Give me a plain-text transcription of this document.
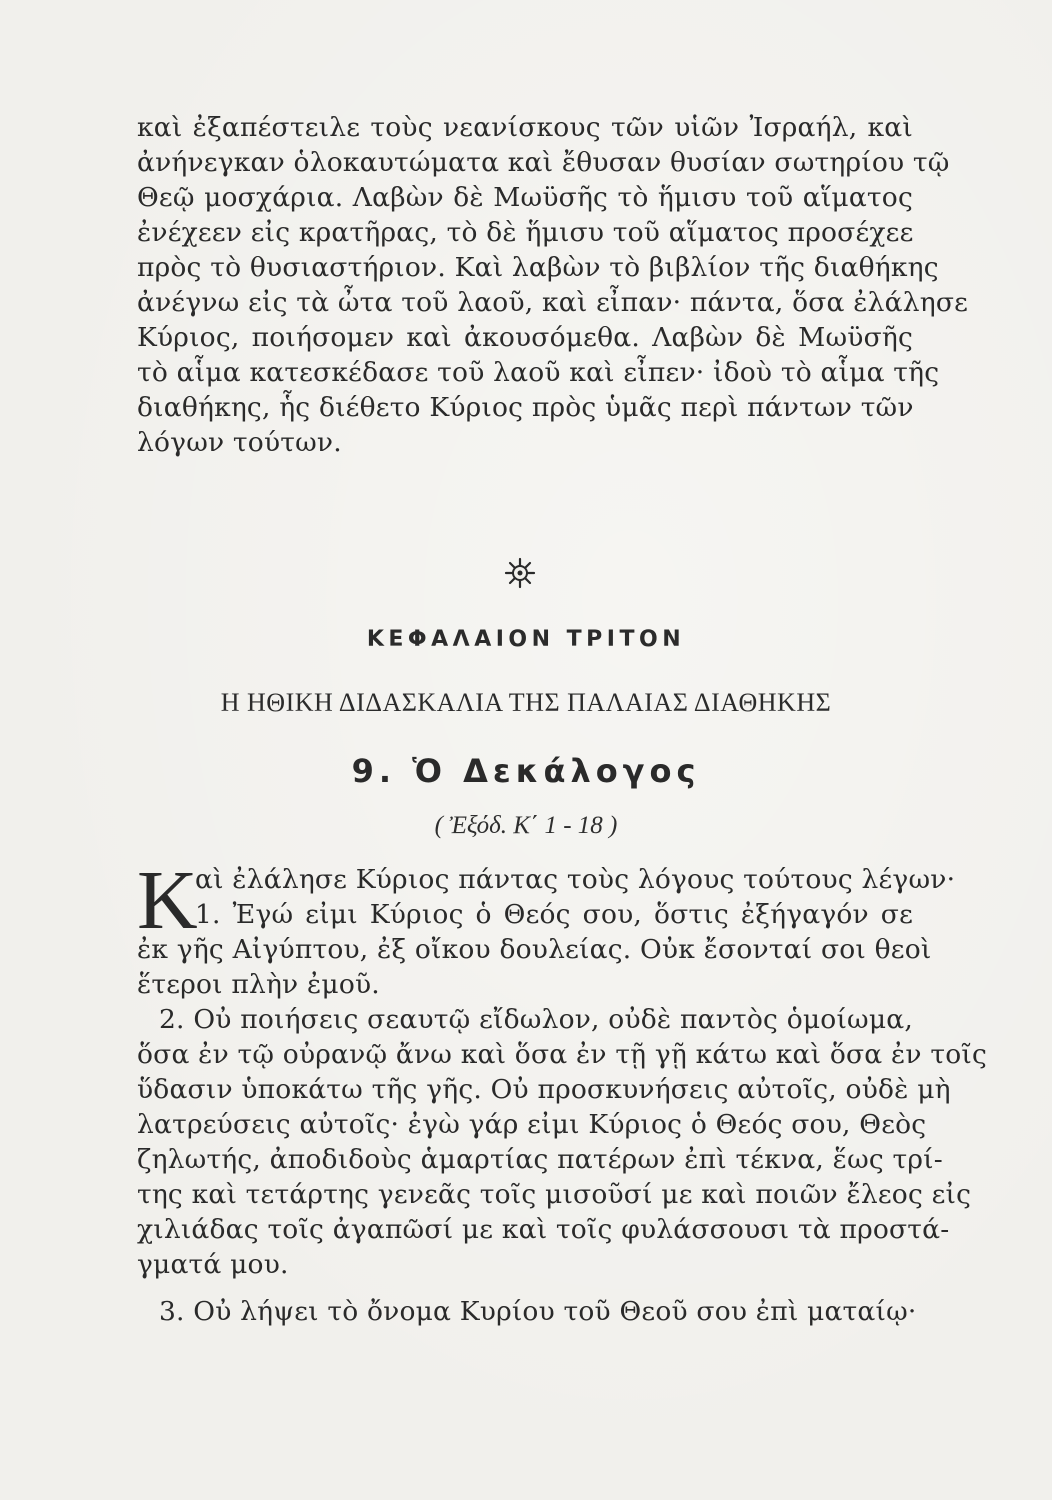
καὶ ἐξαπέστειλε τοὺς νεανίσκους τῶν υἱῶν Ἰσραήλ, καὶ
ἀνήνεγκαν ὁλοκαυτώματα καὶ ἔθυσαν θυσίαν σωτηρίου τῷ
Θεῷ μοσχάρια. Λαβὼν δὲ Μωϋσῆς τὸ ἥμισυ τοῦ αἵματος
ἐνέχεεν εἰς κρατῆρας, τὸ δὲ ἥμισυ τοῦ αἵματος προσέχεε
πρὸς τὸ θυσιαστήριον. Καὶ λαβὼν τὸ βιβλίον τῆς διαθήκης
ἀνέγνω εἰς τὰ ὦτα τοῦ λαοῦ, καὶ εἶπαν· πάντα, ὅσα ἐλάλησε
Κύριος, ποιήσομεν καὶ ἀκουσόμεθα. Λαβὼν δὲ Μωϋσῆς
τὸ αἷμα κατεσκέδασε τοῦ λαοῦ καὶ εἶπεν· ἰδοὺ τὸ αἷμα τῆς
διαθήκης, ἧς διέθετο Κύριος πρὸς ὑμᾶς περὶ πάντων τῶν
λόγων τούτων.
ΚΕΦΑΛΑΙΟΝ ΤΡΙΤΟΝ
Η ΗΘΙΚΗ ΔΙΔΑΣΚΑΛΙΑ ΤΗΣ ΠΑΛΑΙΑΣ ΔΙΑΘΗΚΗΣ
9. Ὁ Δεκάλογος
( Ἐξόδ. Κ΄ 1 - 18 )
Κ
αὶ ἐλάλησε Κύριος πάντας τοὺς λόγους τούτους λέγων·
1. Ἐγώ εἰμι Κύριος ὁ Θεός σου, ὅστις ἐξήγαγόν σε
ἐκ γῆς Αἰγύπτου, ἐξ οἴκου δουλείας. Οὐκ ἔσονταί σοι θεοὶ
ἕτεροι πλὴν ἐμοῦ.
2. Οὐ ποιήσεις σεαυτῷ εἴδωλον, οὐδὲ παντὸς ὁμοίωμα,
ὅσα ἐν τῷ οὐρανῷ ἄνω καὶ ὅσα ἐν τῇ γῇ κάτω καὶ ὅσα ἐν τοῖς
ὕδασιν ὑποκάτω τῆς γῆς. Οὐ προσκυνήσεις αὐτοῖς, οὐδὲ μὴ
λατρεύσεις αὐτοῖς· ἐγὼ γάρ εἰμι Κύριος ὁ Θεός σου, Θεὸς
ζηλωτής, ἀποδιδοὺς ἁμαρτίας πατέρων ἐπὶ τέκνα, ἕως τρί-
της καὶ τετάρτης γενεᾶς τοῖς μισοῦσί με καὶ ποιῶν ἔλεος εἰς
χιλιάδας τοῖς ἀγαπῶσί με καὶ τοῖς φυλάσσουσι τὰ προστά-
γματά μου.
3. Οὐ λήψει τὸ ὄνομα Κυρίου τοῦ Θεοῦ σου ἐπὶ ματαίῳ·
